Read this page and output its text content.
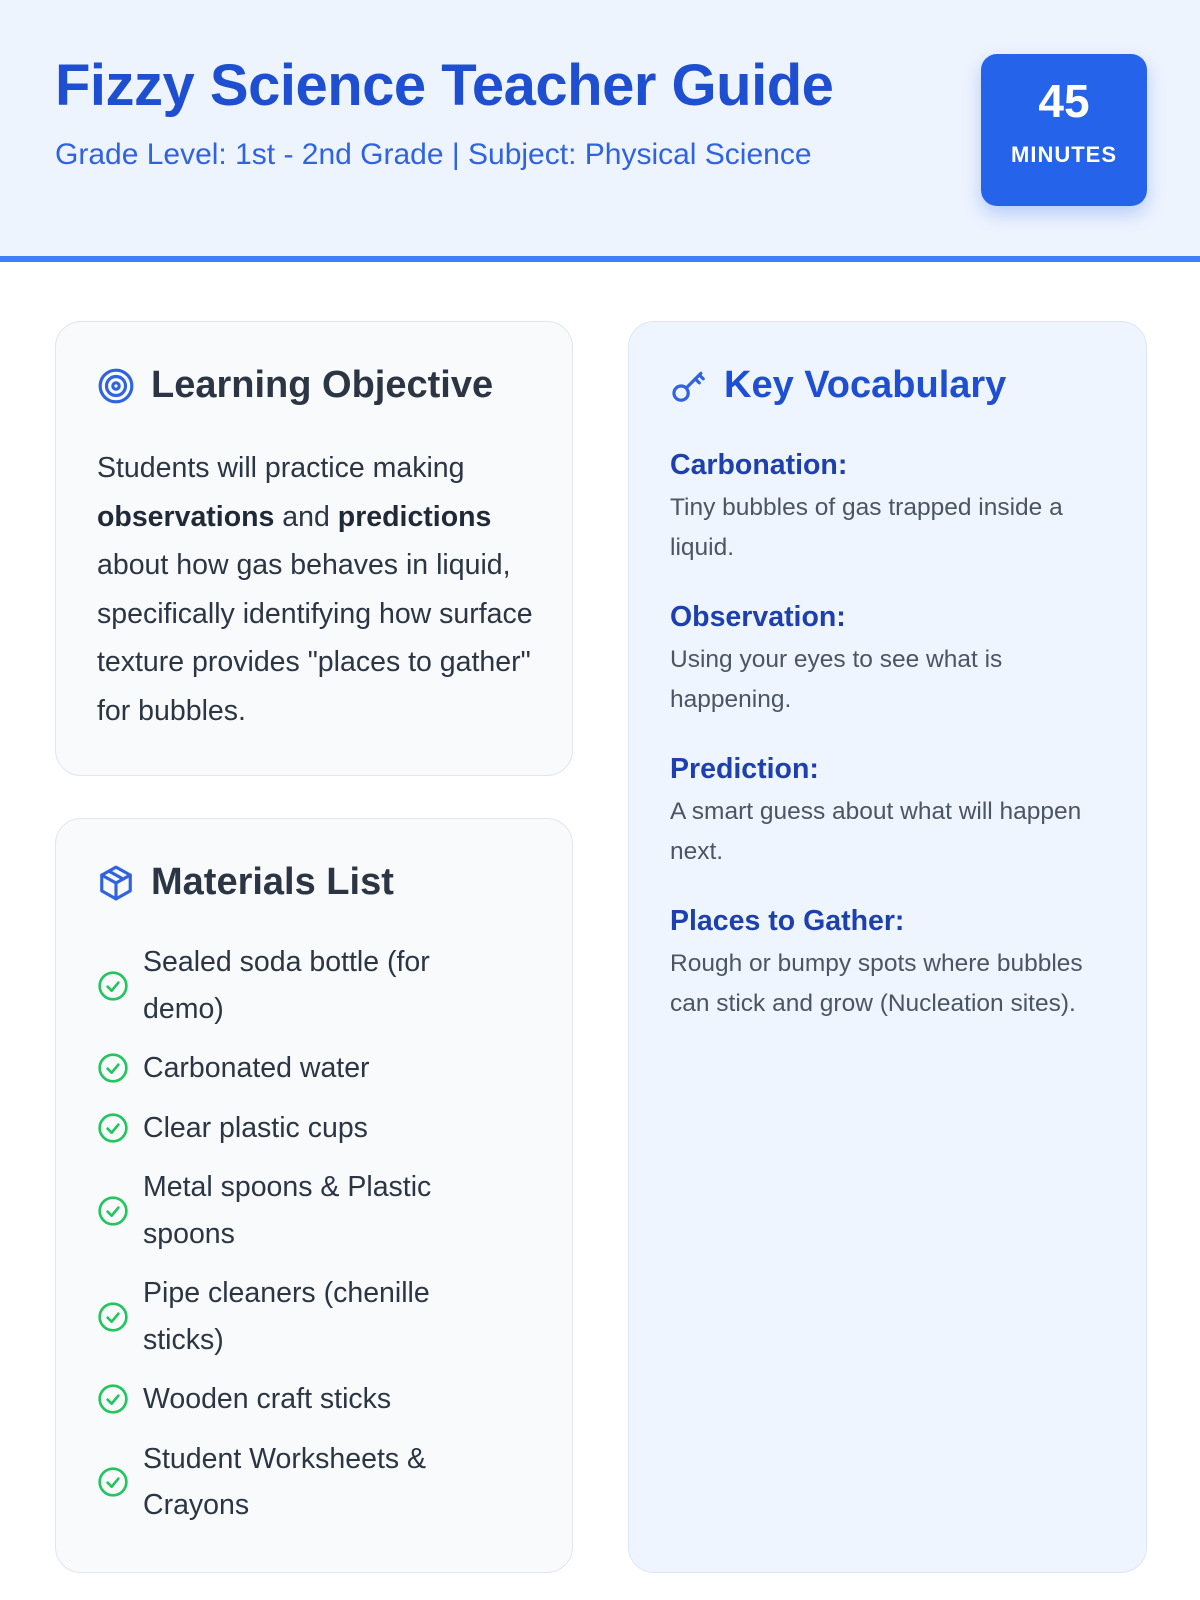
Fizzy Science Teacher Guide
Grade Level: 1st - 2nd Grade | Subject: Physical Science
45
MINUTES
Learning Objective

Students will practice making observations and predictions about how gas behaves in liquid, specifically identifying how surface texture provides "places to gather" for bubbles.

Materials List
Sealed soda bottle (for demo)
Carbonated water
Clear plastic cups
Metal spoons & Plastic spoons
Pipe cleaners (chenille sticks)
Wooden craft sticks
Student Worksheets & Crayons
Key Vocabulary
Carbonation:
Tiny bubbles of gas trapped inside a liquid.
Observation:
Using your eyes to see what is happening.
Prediction:
A smart guess about what will happen next.
Places to Gather:
Rough or bumpy spots where bubbles can stick and grow (Nucleation sites).
